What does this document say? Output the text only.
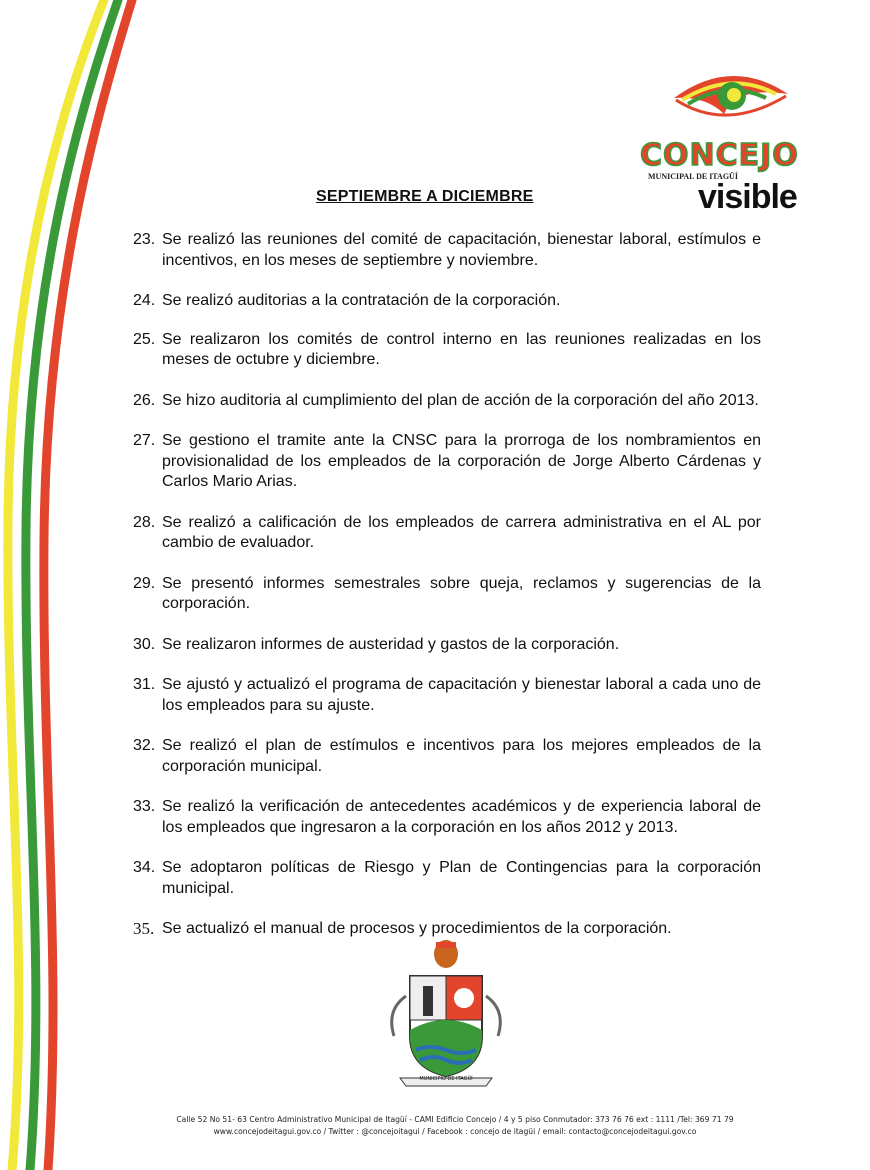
CONCEJO
MUNICIPAL DE ITAGÜÍ
visible
SEPTIEMBRE A DICIEMBRE
23. Se realizó las reuniones del comité de capacitación, bienestar laboral, estímulos e incentivos, en los meses de septiembre y noviembre.
24. Se realizó auditorias a la contratación de la corporación.
25. Se realizaron los comités de control interno en las reuniones realizadas en los meses de octubre y diciembre.
26. Se hizo auditoria al cumplimiento del plan de acción de la corporación del año 2013.
27. Se gestiono el tramite ante la CNSC para la prorroga de los nombramientos en provisionalidad de los empleados de la corporación de Jorge Alberto Cárdenas y Carlos Mario Arias.
28. Se realizó a calificación de los empleados de carrera administrativa en el AL por cambio de evaluador.
29. Se presentó informes semestrales sobre queja, reclamos y sugerencias de la corporación.
30. Se realizaron informes de austeridad y gastos de la corporación.
31. Se ajustó y actualizó el programa de capacitación y bienestar laboral a cada uno de los empleados para su ajuste.
32. Se realizó el plan de estímulos e incentivos para los mejores empleados de la corporación municipal.
33. Se realizó la verificación de antecedentes académicos y de experiencia laboral de los empleados que ingresaron a la corporación en los años 2012 y 2013.
34. Se adoptaron políticas de Riesgo y Plan de Contingencias para la corporación municipal.
35. Se actualizó el manual de procesos y procedimientos de la corporación.
MUNICIPIO DE ITAGÜÍ
Calle 52 No 51- 63 Centro Administrativo Municipal de Itagüí - CAMI Edificio Concejo / 4 y 5 piso Conmutador: 373 76 76 ext : 1111 /Tel: 369 71 79
www.concejodeitagui.gov.co / Twitter : @concejoitagui / Facebook : concejo de itagüi / email: contacto@concejodeitagui.gov.co
